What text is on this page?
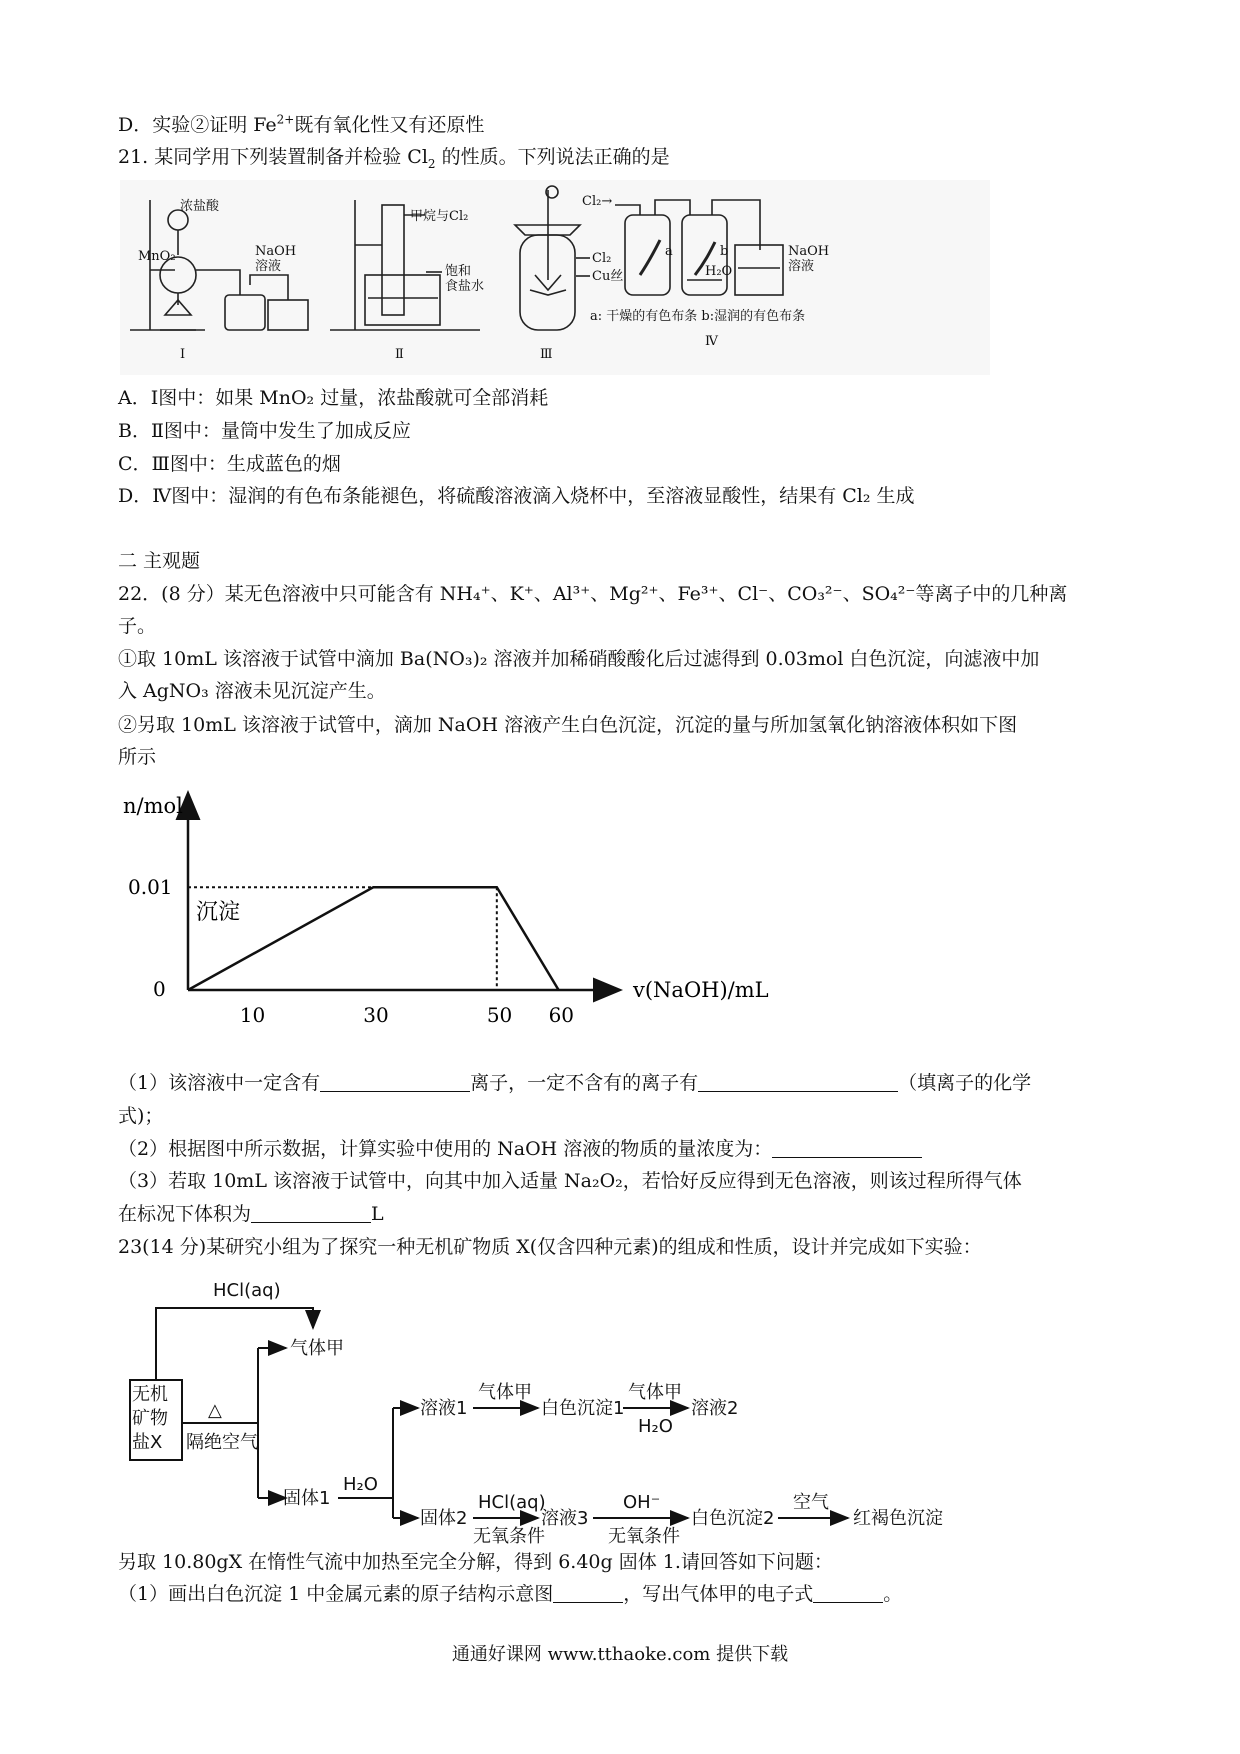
D．实验②证明 $Fe^{2+}$既有氧化性又有还原性
21. 某同学用下列装置制备并检验 $Cl_2$ 的性质。下列说法正确的是
浓盐酸
MnO₂	NaOH
溶液
Ⅰ
甲烷与Cl₂
饱和
食盐水
Ⅱ
Cl₂
Cu丝
Ⅲ
Cl₂→
a	b
H₂O
NaOH
溶液
a: 干燥的有色布条 b:湿润的有色布条
Ⅳ
A．Ⅰ图中：如果 MnO₂ 过量，浓盐酸就可全部消耗
B．Ⅱ图中：量筒中发生了加成反应
C．Ⅲ图中：生成蓝色的烟
D．Ⅳ图中：湿润的有色布条能褪色，将硫酸溶液滴入烧杯中，至溶液显酸性，结果有 Cl₂ 生成
二 主观题
22．(8 分）某无色溶液中只可能含有 NH₄⁺、K⁺、Al³⁺、Mg²⁺、Fe³⁺、Cl⁻、CO₃²⁻、SO₄²⁻等离子中的几种离
子。
①取 10mL 该溶液于试管中滴加 Ba(NO₃)₂ 溶液并加稀硝酸酸化后过滤得到 0.03mol 白色沉淀，向滤液中加
入 AgNO₃ 溶液未见沉淀产生。
②另取 10mL 该溶液于试管中，滴加 NaOH 溶液产生白色沉淀，沉淀的量与所加氢氧化钠溶液体积如下图
所示
n/mol
v(NaOH)/mL
0
0.01
10	30	50 60
沉淀
（1）该溶液中一定含有	离子，一定不含有的离子有	（填离子的化学
式)；
（2）根据图中所示数据，计算实验中使用的 NaOH 溶液的物质的量浓度为：
（3）若取 10mL 该溶液于试管中，向其中加入适量 Na₂O₂，若恰好反应得到无色溶液，则该过程所得气体
在标况下体积为	L
23(14 分)某研究小组为了探究一种无机矿物质 X(仅含四种元素)的组成和性质，设计并完成如下实验：
HCl(aq)
无机
矿物
盐X
△
隔绝空气
气体甲
固体1
H₂O
溶液1
气体甲
白色沉淀1
气体甲
H₂O
溶液2
固体2
HCl(aq)
无氧条件
溶液3
OH⁻
无氧条件
白色沉淀2
空气
红褐色沉淀
另取 10.80gX 在惰性气流中加热至完全分解，得到 6.40g 固体 1.请回答如下问题：
（1）画出白色沉淀 1 中金属元素的原子结构示意图	，写出气体甲的电子式	。
通通好课网 www.tthaoke.com 提供下载
